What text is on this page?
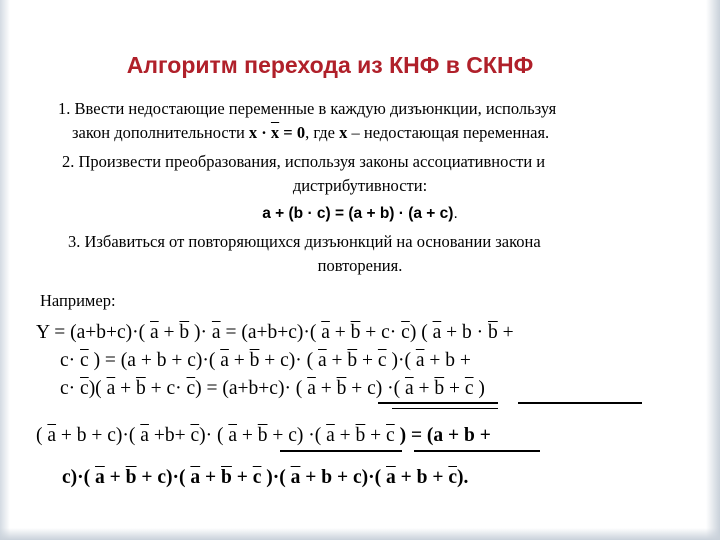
Алгоритм перехода из КНФ в СКНФ
1. Ввести недостающие переменные в каждую дизъюнкции, используя
закон дополнительности $x \cdot \overline{x} = 0$, где x – недостающая переменная.
2. Произвести преобразования, используя законы ассоциативности и
дистрибутивности:
a + (b · c) = (a + b) · (a + c).
3. Избавиться от повторяющихся дизъюнкций на основании закона
повторения.
Например:
Y = (a+b+c)·( $\overline{a} + \overline{b}$ )· $\overline{a} = (a+b+c)\cdot$( $\overline{a} + \overline{b} + c\cdot \overline{c}$) ( $\overline{a} + b \cdot \overline{b}$ +
$c\cdot \overline{c}$ ) = (a + b + c)·( $\overline{a} + \overline{b} + c)\cdot$ ( $\overline{a} + \overline{b} + \overline{c}$ )·( $\overline{a} + b$ +
$c\cdot \overline{c}$)( $\overline{a} + \overline{b} + c\cdot \overline{c}) = (a+b+c)\cdot$ ( $\overline{a} + \overline{b} + c$) ·( $\overline{a} + \overline{b} + \overline{c}$ )
( $\overline{a} + b + c)\cdot$( $\overline{a} +b+ \overline{c})\cdot$ ( $\overline{a} + \overline{b} + c$) ·( $\overline{a} + \overline{b} + \overline{c}$ ) = (a + b +
c)·( $\overline{a} + \overline{b} + c)\cdot$( $\overline{a} + \overline{b} + \overline{c}$ )·( $\overline{a} + b + c)\cdot$( $\overline{a} + b + \overline{c}$).
